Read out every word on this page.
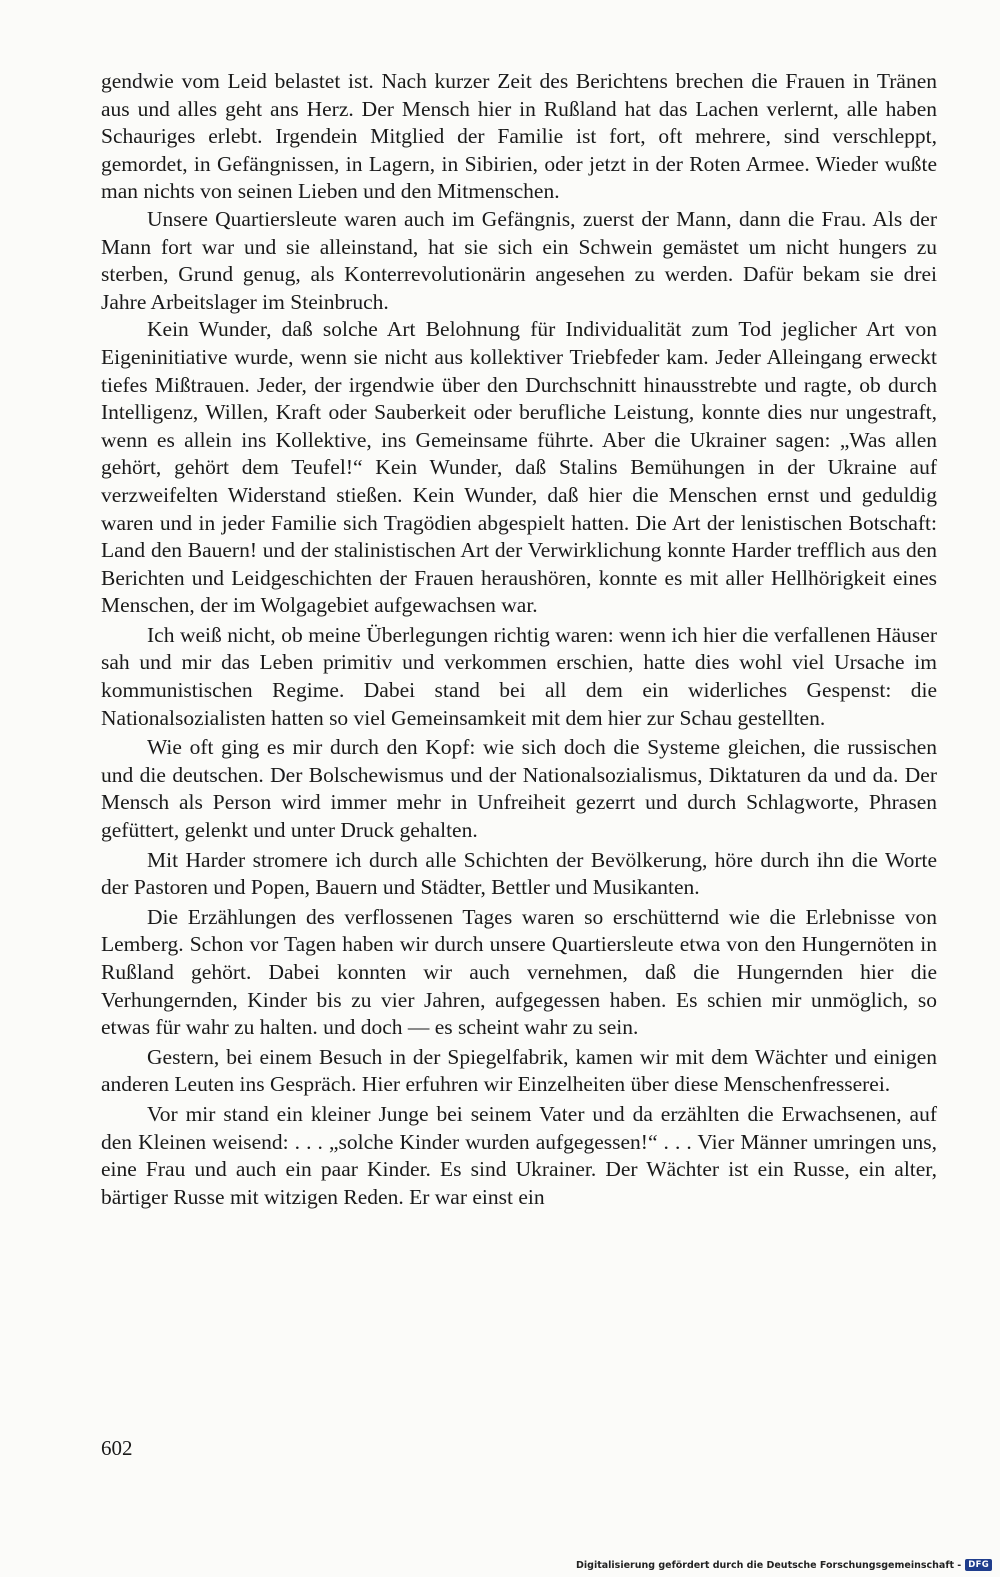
gendwie vom Leid belastet ist. Nach kurzer Zeit des Berichtens brechen die Frauen in Tränen aus und alles geht ans Herz. Der Mensch hier in Rußland hat das Lachen verlernt, alle haben Schauriges erlebt. Irgendein Mitglied der Familie ist fort, oft mehrere, sind verschleppt, gemordet, in Gefängnissen, in Lagern, in Sibirien, oder jetzt in der Roten Armee. Wieder wußte man nichts von seinen Lieben und den Mitmenschen.

Unsere Quartiersleute waren auch im Gefängnis, zuerst der Mann, dann die Frau. Als der Mann fort war und sie alleinstand, hat sie sich ein Schwein gemästet um nicht hungers zu sterben, Grund genug, als Konterrevolutionärin angesehen zu werden. Dafür bekam sie drei Jahre Arbeitslager im Steinbruch.

Kein Wunder, daß solche Art Belohnung für Individualität zum Tod jeglicher Art von Eigeninitiative wurde, wenn sie nicht aus kollektiver Triebfeder kam. Jeder Alleingang erweckt tiefes Mißtrauen. Jeder, der irgendwie über den Durchschnitt hinausstrebte und ragte, ob durch Intelligenz, Willen, Kraft oder Sauberkeit oder berufliche Leistung, konnte dies nur ungestraft, wenn es allein ins Kollektive, ins Gemeinsame führte. Aber die Ukrainer sagen: „Was allen gehört, gehört dem Teufel!“ Kein Wunder, daß Stalins Bemühungen in der Ukraine auf verzweifelten Widerstand stießen. Kein Wunder, daß hier die Menschen ernst und geduldig waren und in jeder Familie sich Tragödien abgespielt hatten. Die Art der lenistischen Botschaft: Land den Bauern! und der stalinistischen Art der Verwirklichung konnte Harder trefflich aus den Berichten und Leidgeschichten der Frauen heraushören, konnte es mit aller Hellhörigkeit eines Menschen, der im Wolgagebiet aufgewachsen war.

Ich weiß nicht, ob meine Überlegungen richtig waren: wenn ich hier die verfallenen Häuser sah und mir das Leben primitiv und verkommen erschien, hatte dies wohl viel Ursache im kommunistischen Regime. Dabei stand bei all dem ein widerliches Gespenst: die Nationalsozialisten hatten so viel Gemeinsamkeit mit dem hier zur Schau gestellten.

Wie oft ging es mir durch den Kopf: wie sich doch die Systeme gleichen, die russischen und die deutschen. Der Bolschewismus und der Nationalsozialismus, Diktaturen da und da. Der Mensch als Person wird immer mehr in Unfreiheit gezerrt und durch Schlagworte, Phrasen gefüttert, gelenkt und unter Druck gehalten.

Mit Harder stromere ich durch alle Schichten der Bevölkerung, höre durch ihn die Worte der Pastoren und Popen, Bauern und Städter, Bettler und Musikanten.

Die Erzählungen des verflossenen Tages waren so erschütternd wie die Erlebnisse von Lemberg. Schon vor Tagen haben wir durch unsere Quartiersleute etwa von den Hungernöten in Rußland gehört. Dabei konnten wir auch vernehmen, daß die Hungernden hier die Verhungernden, Kinder bis zu vier Jahren, aufgegessen haben. Es schien mir unmöglich, so etwas für wahr zu halten. und doch — es scheint wahr zu sein.

Gestern, bei einem Besuch in der Spiegelfabrik, kamen wir mit dem Wächter und einigen anderen Leuten ins Gespräch. Hier erfuhren wir Einzelheiten über diese Menschenfresserei.

Vor mir stand ein kleiner Junge bei seinem Vater und da erzählten die Erwachsenen, auf den Kleinen weisend: . . . „solche Kinder wurden aufgegessen!“ . . . Vier Männer umringen uns, eine Frau und auch ein paar Kinder. Es sind Ukrainer. Der Wächter ist ein Russe, ein alter, bärtiger Russe mit witzigen Reden. Er war einst ein

602
Digitalisierung gefördert durch die Deutsche Forschungsgemeinschaft - DFG
